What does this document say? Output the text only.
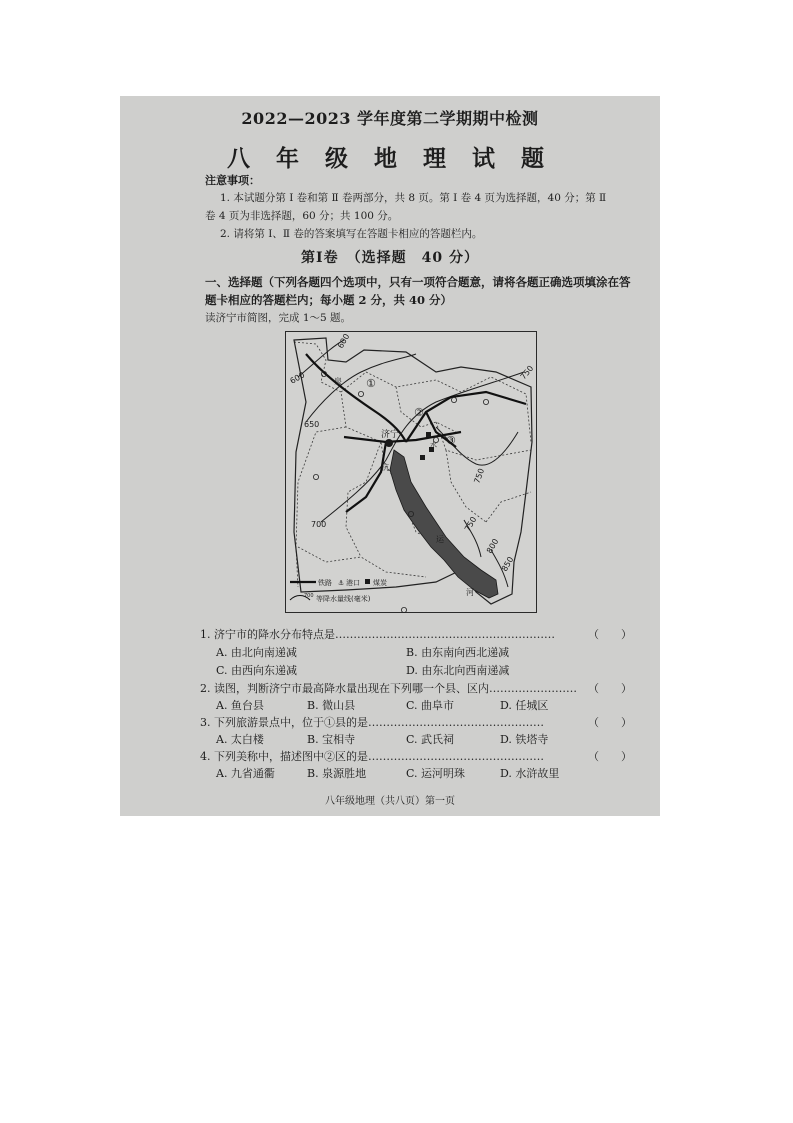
2022—2023 学年度第二学期期中检测
八 年 级 地 理 试 题
注意事项：
1. 本试题分第 Ⅰ 卷和第 Ⅱ 卷两部分，共 8 页。第 Ⅰ 卷 4 页为选择题，40 分；第 Ⅱ
卷 4 页为非选择题，60 分；共 100 分。
2. 请将第 Ⅰ、Ⅱ 卷的答案填写在答题卡相应的答题栏内。
第Ⅰ卷　（选择题　40 分）
一、选择题（下列各题四个选项中，只有一项符合题意，请将各题正确选项填涂在答
题卡相应的答题栏内；每小题 2 分，共 40 分）
读济宁市简图，完成 1～5 题。
600
600
650
700
750
750
750
800
850
济宁
①
②
③
泉
杭
运
河
水
铁路 ⚓ 港口 煤炭
700 等降水量线(毫米)
1. 济宁市的降水分布特点是……………………………………………………	（　　）
A. 由北向南递减	B. 由东南向西北递减
C. 由西向东递减	D. 由东北向西南递减
2. 读图，判断济宁市最高降水量出现在下列哪一个县、区内…………………… （　　）
A. 鱼台县	B. 微山县	C. 曲阜市	D. 任城区
3. 下列旅游景点中，位于①县的是…………………………………………	（　　）
A. 太白楼	B. 宝相寺	C. 武氏祠	D. 铁塔寺
4. 下列美称中，描述图中②区的是…………………………………………	（　　）
A. 九省通衢	B. 泉源胜地	C. 运河明珠	D. 水浒故里
八年级地理（共八页）第一页
